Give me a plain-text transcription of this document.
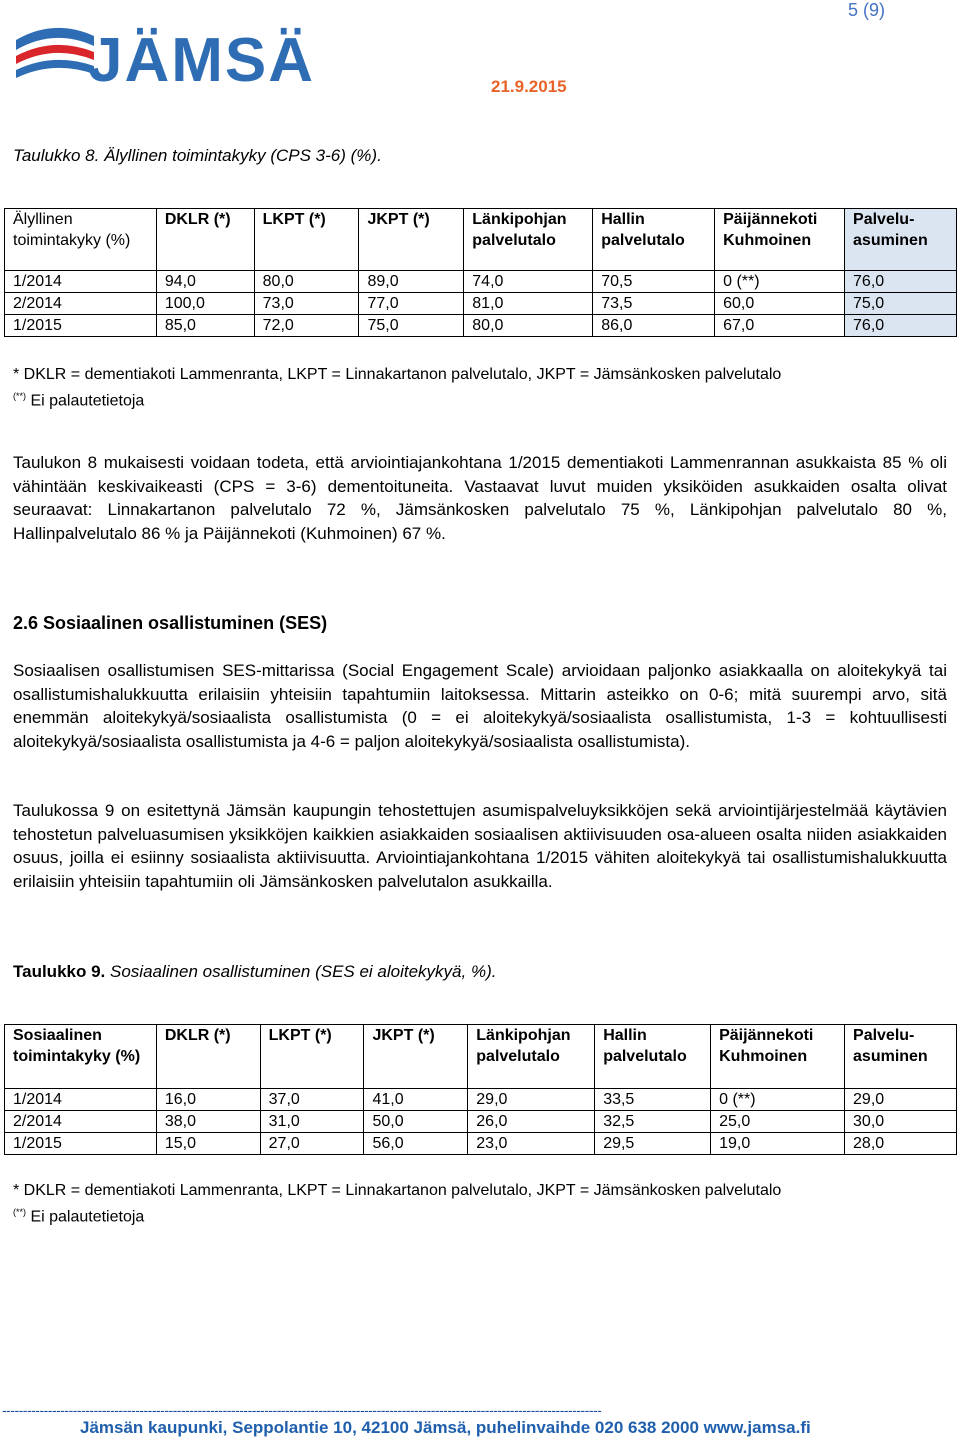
5 (9)
JÄMSÄ	21.9.2015
Taulukko 8. Älyllinen toimintakyky (CPS 3-6) (%).
Älyllinen toimintakyky (%)	DKLR (*)	LKPT (*)	JKPT (*)	Länkipohjan palvelutalo	Hallin palvelutalo	Päijännekoti Kuhmoinen	Palvelu-asuminen
1/2014	94,0	80,0	89,0	74,0	70,5	0 (**)	76,0
2/2014	100,0	73,0	77,0	81,0	73,5	60,0	75,0
1/2015	85,0	72,0	75,0	80,0	86,0	67,0	76,0
* DKLR = dementiakoti Lammenranta, LKPT = Linnakartanon palvelutalo, JKPT = Jämsänkosken palvelutalo
(**) Ei palautetietoja
Taulukon 8 mukaisesti voidaan todeta, että arviointiajankohtana 1/2015 dementiakoti Lammenrannan asukkaista 85 % oli vähintään keskivaikeasti (CPS = 3-6) dementoituneita. Vastaavat luvut muiden yksiköiden asukkaiden osalta olivat seuraavat: Linnakartanon palvelutalo 72 %, Jämsänkosken palvelutalo 75 %, Länkipohjan palvelutalo 80 %, Hallinpalvelutalo 86 % ja Päijännekoti (Kuhmoinen) 67 %.
2.6 Sosiaalinen osallistuminen (SES)
Sosiaalisen osallistumisen SES-mittarissa (Social Engagement Scale) arvioidaan paljonko asiakkaalla on aloitekykyä tai osallistumishalukkuutta erilaisiin yhteisiin tapahtumiin laitoksessa. Mittarin asteikko on 0-6; mitä suurempi arvo, sitä enemmän aloitekykyä/sosiaalista osallistumista (0 = ei aloitekykyä/sosiaalista osallistumista, 1-3 = kohtuullisesti aloitekykyä/sosiaalista osallistumista ja 4-6 = paljon aloitekykyä/sosiaalista osallistumista).
Taulukossa 9 on esitettynä Jämsän kaupungin tehostettujen asumispalveluyksikköjen sekä arviointijärjestelmää käytävien tehostetun palveluasumisen yksikköjen kaikkien asiakkaiden sosiaalisen aktiivisuuden osa-alueen osalta niiden asiakkaiden osuus, joilla ei esiinny sosiaalista aktiivisuutta. Arviointiajankohtana 1/2015 vähiten aloitekykyä tai osallistumishalukkuutta erilaisiin yhteisiin tapahtumiin oli Jämsänkosken palvelutalon asukkailla.
Taulukko 9. Sosiaalinen osallistuminen (SES ei aloitekykyä, %).
Sosiaalinen toimintakyky (%)	DKLR (*)	LKPT (*)	JKPT (*)	Länkipohjan palvelutalo	Hallin palvelutalo	Päijännekoti Kuhmoinen	Palvelu-asuminen
1/2014	16,0	37,0	41,0	29,0	33,5	0 (**)	29,0
2/2014	38,0	31,0	50,0	26,0	32,5	25,0	30,0
1/2015	15,0	27,0	56,0	23,0	29,5	19,0	28,0
* DKLR = dementiakoti Lammenranta, LKPT = Linnakartanon palvelutalo, JKPT = Jämsänkosken palvelutalo
(**) Ei palautetietoja
------------------------------------------------------------------------------------------------------------------------------------------------
Jämsän kaupunki, Seppolantie 10, 42100 Jämsä, puhelinvaihde 020 638 2000 www.jamsa.fi
